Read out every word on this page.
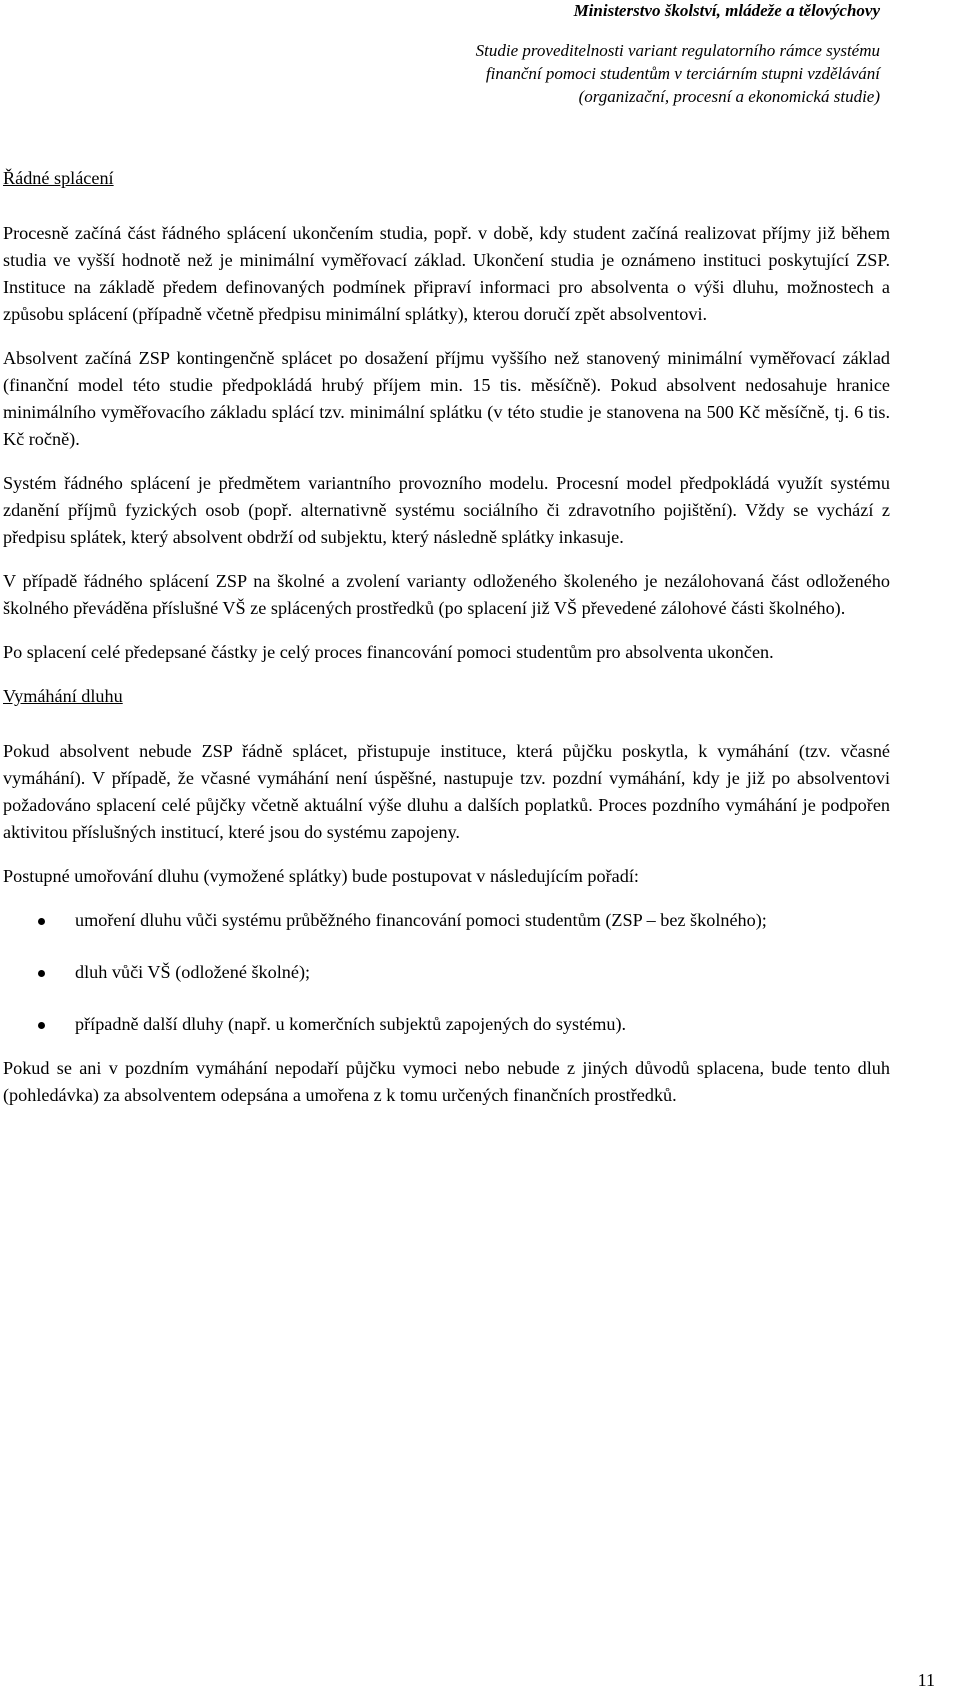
Ministerstvo školství, mládeže a tělovýchovy
Studie proveditelnosti variant regulatorního rámce systému
finanční pomoci studentům v terciárním stupni vzdělávání
(organizační, procesní a ekonomická studie)
Řádné splácení

Procesně začíná část řádného splácení ukončením studia, popř. v době, kdy student začíná realizovat příjmy již během studia ve vyšší hodnotě než je minimální vyměřovací základ. Ukončení studia je oznámeno instituci poskytující ZSP. Instituce na základě předem definovaných podmínek připraví informaci pro absolventa o výši dluhu, možnostech a způsobu splácení (případně včetně předpisu minimální splátky), kterou doručí zpět absolventovi.

Absolvent začíná ZSP kontingenčně splácet po dosažení příjmu vyššího než stanovený minimální vyměřovací základ (finanční model této studie předpokládá hrubý příjem min. 15 tis. měsíčně). Pokud absolvent nedosahuje hranice minimálního vyměřovacího základu splácí tzv. minimální splátku (v této studie je stanovena na 500 Kč měsíčně, tj. 6 tis. Kč ročně).

Systém řádného splácení je předmětem variantního provozního modelu. Procesní model předpokládá využít systému zdanění příjmů fyzických osob (popř. alternativně systému sociálního či zdravotního pojištění). Vždy se vychází z předpisu splátek, který absolvent obdrží od subjektu, který následně splátky inkasuje.

V případě řádného splácení ZSP na školné a zvolení varianty odloženého školeného je nezálohovaná část odloženého školného převáděna příslušné VŠ ze splácených prostředků (po splacení již VŠ převedené zálohové části školného).

Po splacení celé předepsané částky je celý proces financování pomoci studentům pro absolventa ukončen.

Vymáhání dluhu

Pokud absolvent nebude ZSP řádně splácet, přistupuje instituce, která půjčku poskytla, k vymáhání (tzv. včasné vymáhání). V případě, že včasné vymáhání není úspěšné, nastupuje tzv. pozdní vymáhání, kdy je již po absolventovi požadováno splacení celé půjčky včetně aktuální výše dluhu a dalších poplatků. Proces pozdního vymáhání je podpořen aktivitou příslušných institucí, které jsou do systému zapojeny.

Postupné umořování dluhu (vymožené splátky) bude postupovat v následujícím pořadí:

umoření dluhu vůči systému průběžného financování pomoci studentům (ZSP – bez školného);
dluh vůči VŠ (odložené školné);
případně další dluhy (např. u komerčních subjektů zapojených do systému).

Pokud se ani v pozdním vymáhání nepodaří půjčku vymoci nebo nebude z jiných důvodů splacena, bude tento dluh (pohledávka) za absolventem odepsána a umořena z k tomu určených finančních prostředků.

11
